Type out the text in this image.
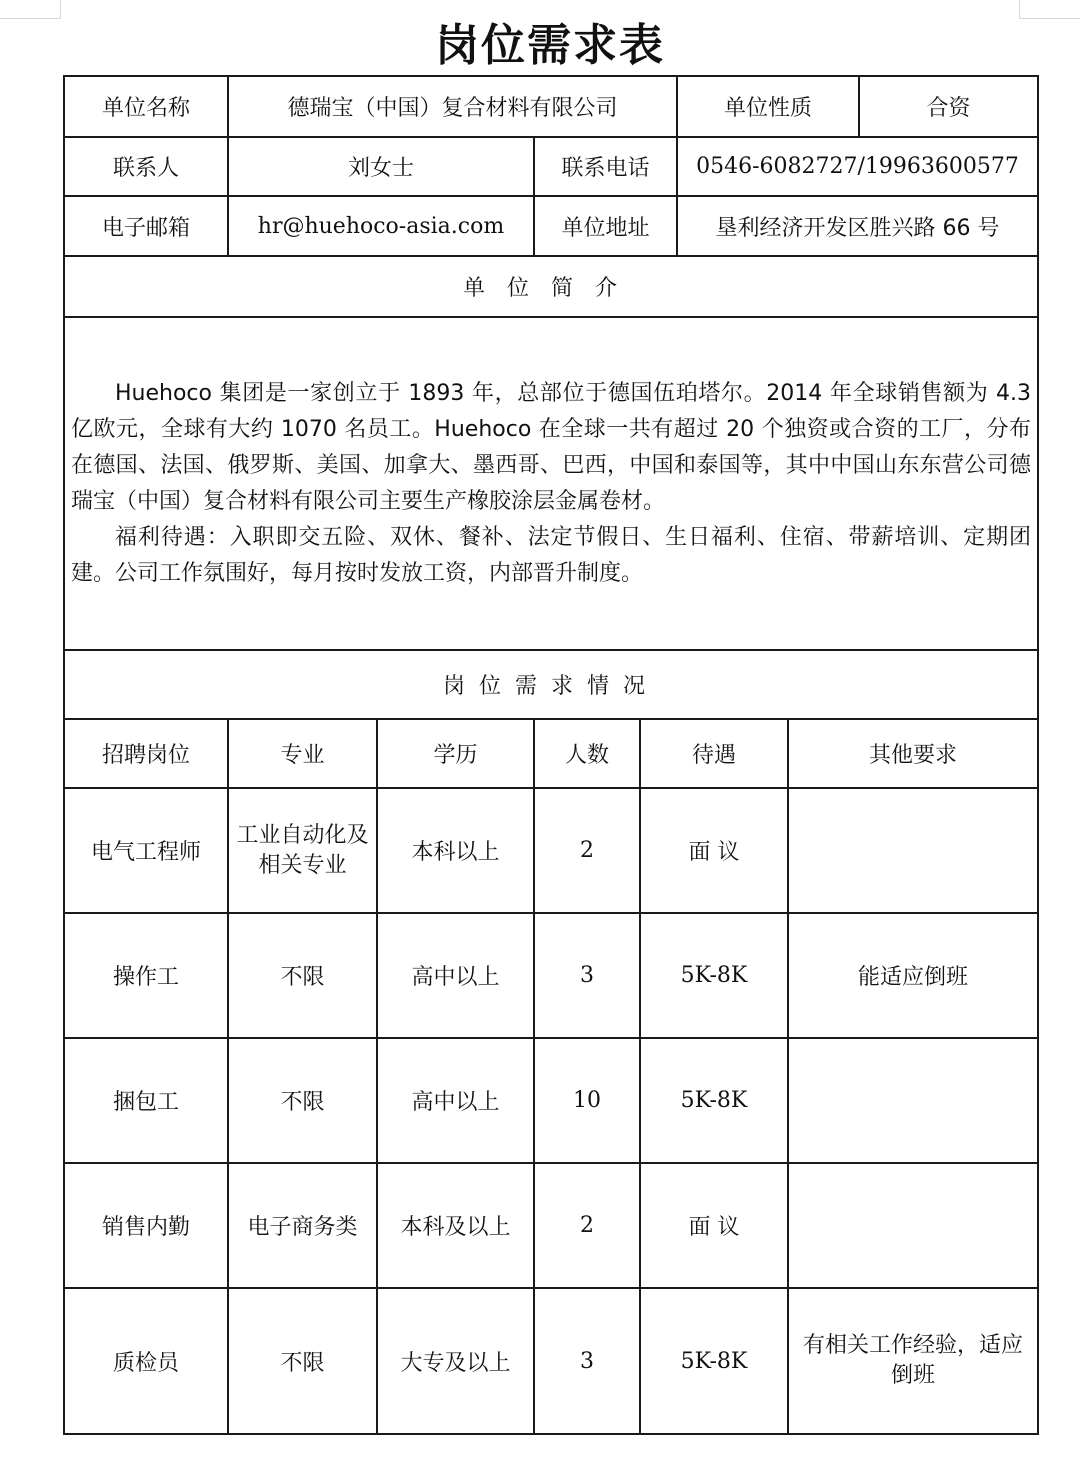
岗位需求表
单位名称	德瑞宝（中国）复合材料有限公司				单位性质		合资
联系人	刘女士		联系电话		0546-6082727/19963600577		
电子邮箱	hr@huehoco-asia.com		单位地址		垦利经济开发区胜兴路 66 号		
单位简介							

Huehoco 集团是一家创立于 1893 年，总部位于德国伍珀塔尔。2014 年全球销售额为 4.3 亿欧元，全球有大约 1070 名员工。Huehoco 在全球一共有超过 20 个独资或合资的工厂，分布在德国、法国、俄罗斯、美国、加拿大、墨西哥、巴西，中国和泰国等，其中中国山东东营公司德瑞宝（中国）复合材料有限公司主要生产橡胶涂层金属卷材。

福利待遇：入职即交五险、双休、餐补、法定节假日、生日福利、住宿、带薪培训、定期团建。公司工作氛围好，每月按时发放工资，内部晋升制度。							

岗位需求情况							
招聘岗位	专业	学历	人数	待遇		其他要求	
电气工程师	工业自动化及相关专业	本科以上	2	面 议			
操作工	不限	高中以上	3	5K-8K		能适应倒班	
捆包工	不限	高中以上	10	5K-8K			
销售内勤	电子商务类	本科及以上	2	面 议			
质检员	不限	大专及以上	3	5K-8K		有相关工作经验，适应倒班	
